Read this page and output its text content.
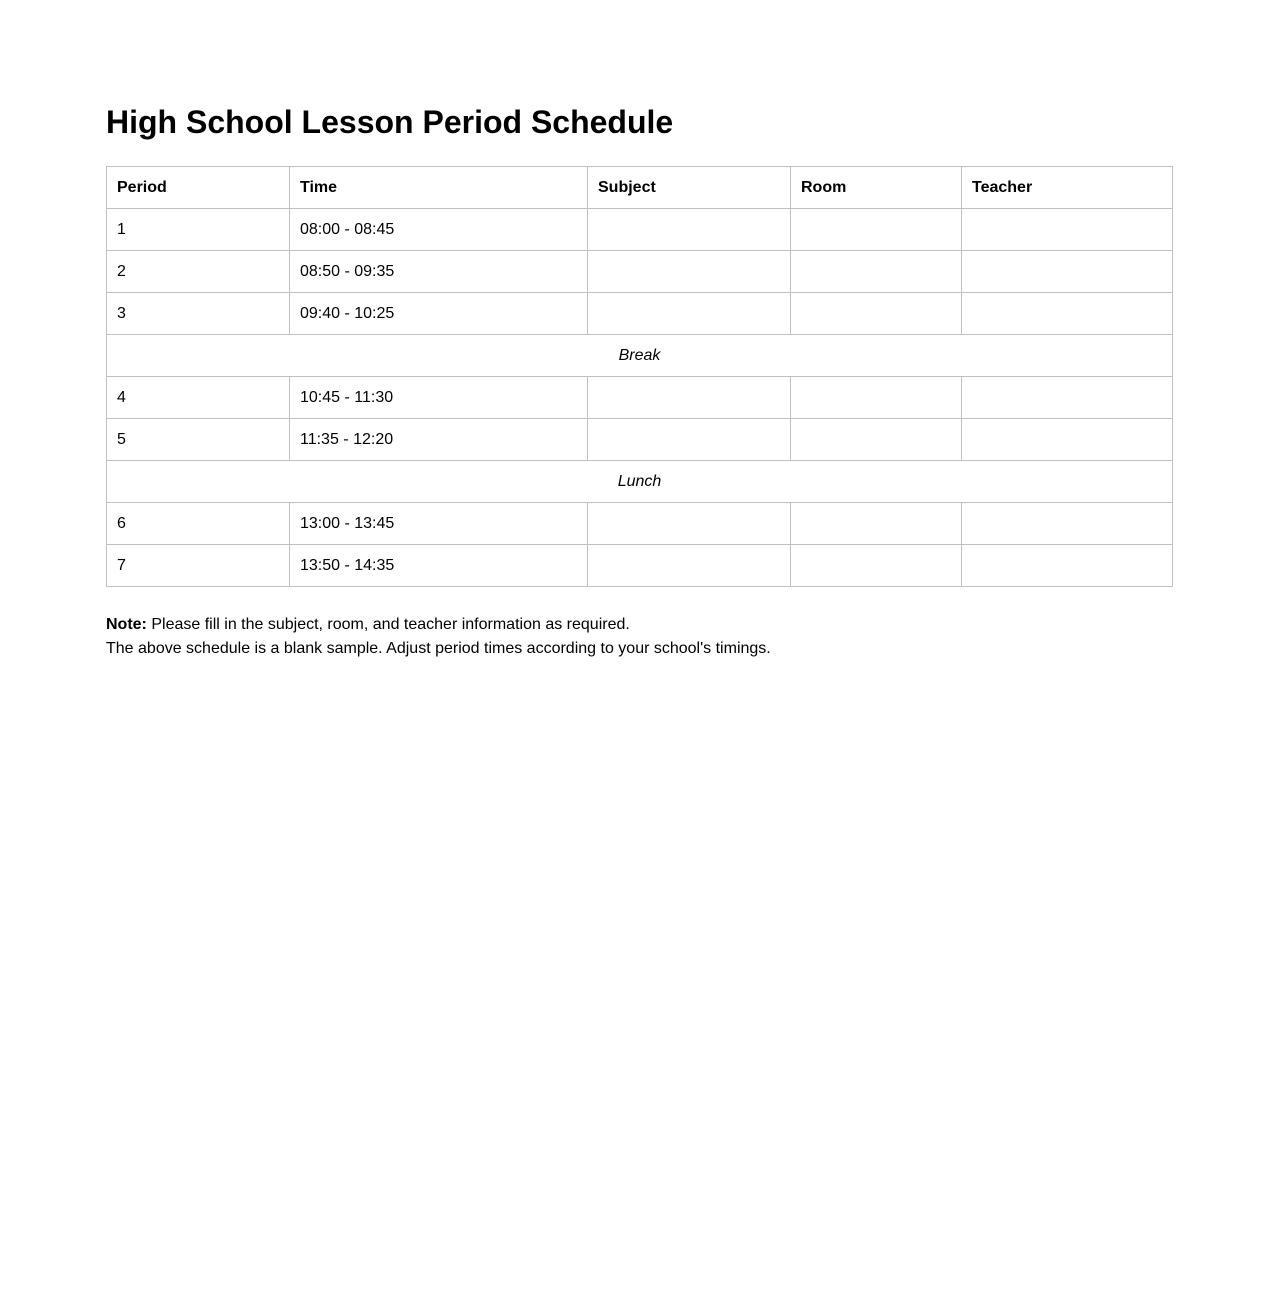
High School Lesson Period Schedule
Period	Time	Subject	Room	Teacher
1	08:00 - 08:45			
2	08:50 - 09:35			
3	09:40 - 10:25			
Break				
4	10:45 - 11:30			
5	11:35 - 12:20			
Lunch				
6	13:00 - 13:45			
7	13:50 - 14:35			
Note: Please fill in the subject, room, and teacher information as required.
The above schedule is a blank sample. Adjust period times according to your school's timings.
